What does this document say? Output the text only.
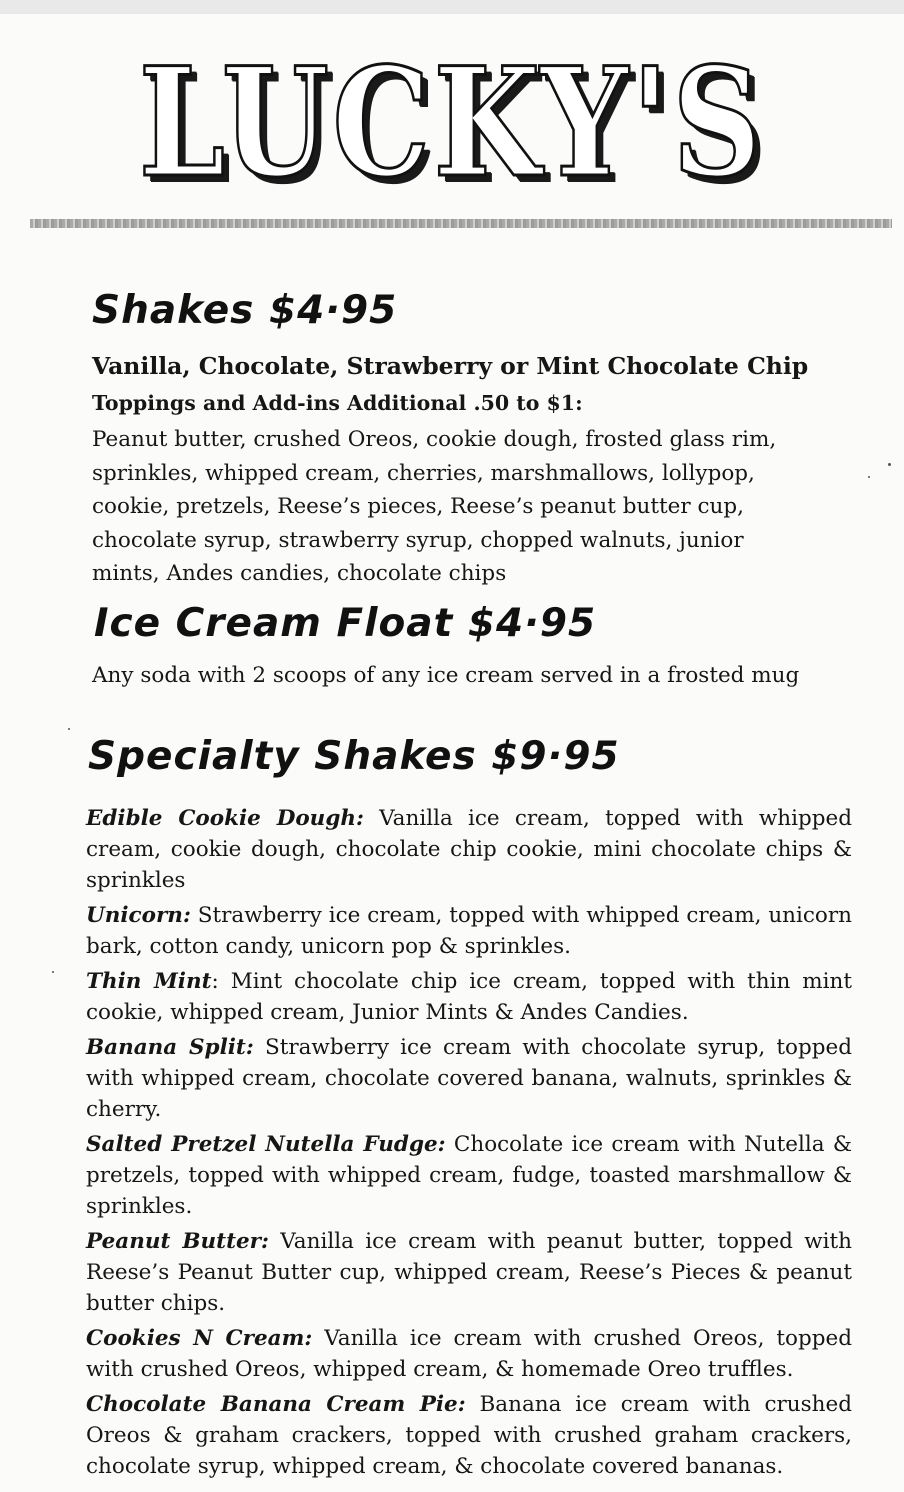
LUCKY'S
Shakes $4·95
Vanilla, Chocolate, Strawberry or Mint Chocolate Chip
Toppings and Add-ins Additional .50 to $1:
Peanut butter, crushed Oreos, cookie dough, frosted glass rim, sprinkles, whipped cream, cherries, marshmallows, lollypop, cookie, pretzels, Reese’s pieces, Reese’s peanut butter cup, chocolate syrup, strawberry syrup, chopped walnuts, junior mints, Andes candies, chocolate chips
Ice Cream Float $4·95
Any soda with 2 scoops of any ice cream served in a frosted mug
Specialty Shakes $9·95
Edible Cookie Dough: Vanilla ice cream, topped with whipped cream, cookie dough, chocolate chip cookie, mini chocolate chips & sprinkles
Unicorn: Strawberry ice cream, topped with whipped cream, unicorn bark, cotton candy, unicorn pop & sprinkles.
Thin Mint: Mint chocolate chip ice cream, topped with thin mint cookie, whipped cream, Junior Mints & Andes Candies.
Banana Split: Strawberry ice cream with chocolate syrup, topped with whipped cream, chocolate covered banana, walnuts, sprinkles & cherry.
Salted Pretzel Nutella Fudge: Chocolate ice cream with Nutella & pretzels, topped with whipped cream, fudge, toasted marshmallow & sprinkles.
Peanut Butter: Vanilla ice cream with peanut butter, topped with Reese’s Peanut Butter cup, whipped cream, Reese’s Pieces & peanut butter chips.
Cookies N Cream: Vanilla ice cream with crushed Oreos, topped with crushed Oreos, whipped cream, & homemade Oreo truffles.
Chocolate Banana Cream Pie: Banana ice cream with crushed Oreos & graham crackers, topped with crushed graham crackers, chocolate syrup, whipped cream, & chocolate covered bananas.
